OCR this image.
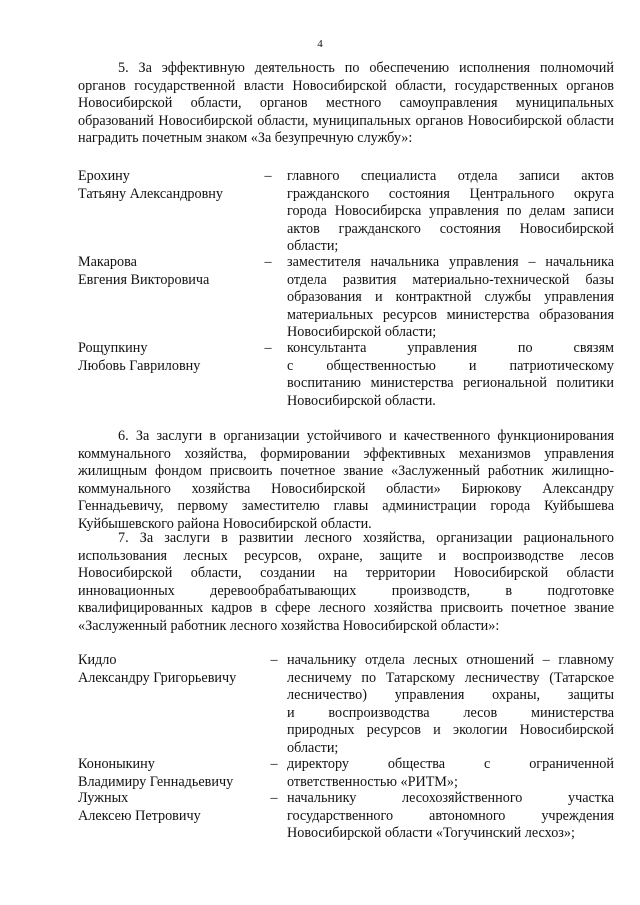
4

5. За эффективную деятельность по обеспечению исполнения полномочий органов государственной власти Новосибирской области, государственных органов Новосибирской области, органов местного самоуправления муниципальных образований Новосибирской области, муниципальных органов Новосибирской области наградить почетным знаком «За безупречную службу»:

Ерохину
Татьяну Александровну
– главного специалиста отдела записи актов
гражданского состояния Центрального округа
города Новосибирска управления по делам записи
актов гражданского состояния Новосибирской
области;
Макарова
Евгения Викторовича
– заместителя начальника управления – начальника
отдела развития материально-технической базы
образования и контрактной службы управления
материальных ресурсов министерства образования
Новосибирской области;
Рощупкину
Любовь Гавриловну
– консультанта управления по связям
с общественностью и патриотическому
воспитанию министерства региональной политики
Новосибирской области.

6. За заслуги в организации устойчивого и качественного функционирования коммунального хозяйства, формировании эффективных механизмов управления жилищным фондом присвоить почетное звание «Заслуженный работник жилищно-коммунального хозяйства Новосибирской области» Бирюкову Александру Геннадьевичу, первому заместителю главы администрации города Куйбышева Куйбышевского района Новосибирской области.

7. За заслуги в развитии лесного хозяйства, организации рационального использования лесных ресурсов, охране, защите и воспроизводстве лесов Новосибирской области, создании на территории Новосибирской области инновационных деревообрабатывающих производств, в подготовке квалифицированных кадров в сфере лесного хозяйства присвоить почетное звание «Заслуженный работник лесного хозяйства Новосибирской области»:

Кидло
Александру Григорьевичу
– начальнику отдела лесных отношений – главному
лесничему по Татарскому лесничеству (Татарское
лесничество) управления охраны, защиты
и воспроизводства лесов министерства
природных ресурсов и экологии Новосибирской
области;
Кононыкину
Владимиру Геннадьевичу
– директору общества с ограниченной
ответственностью «РИТМ»;
Лужных
Алексею Петровичу
– начальнику лесохозяйственного участка
государственного автономного учреждения
Новосибирской области «Тогучинский лесхоз»;
